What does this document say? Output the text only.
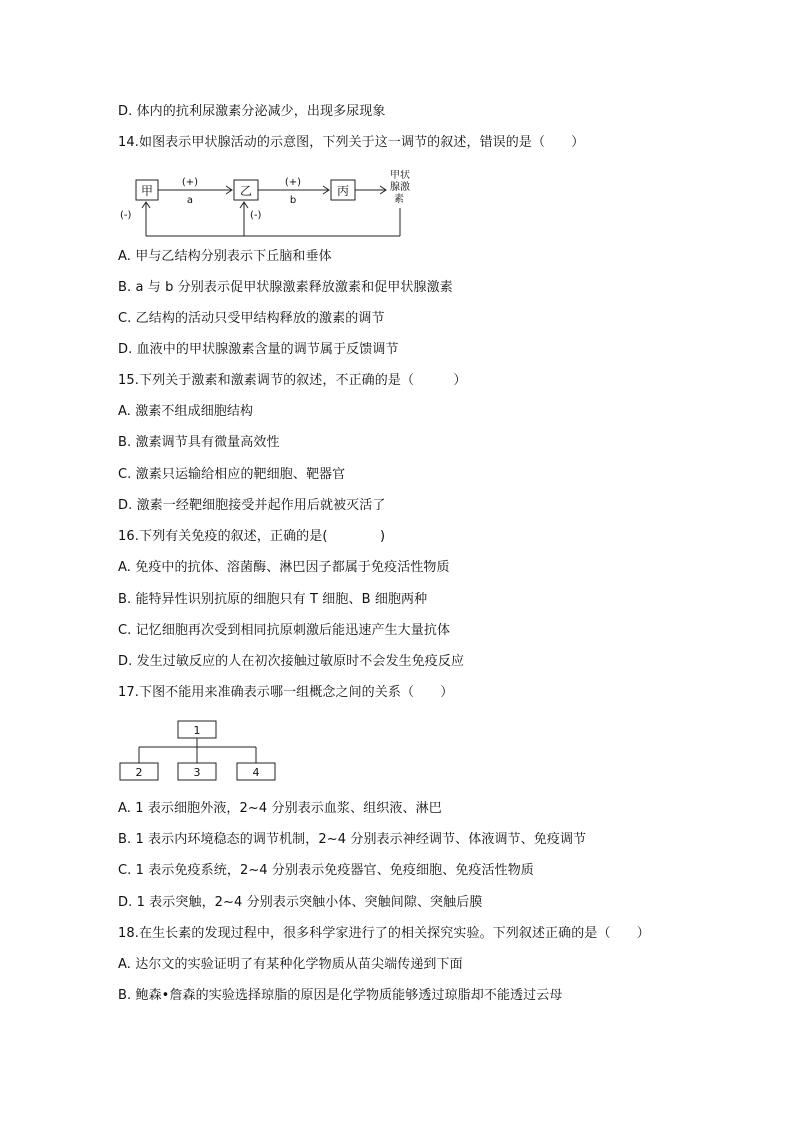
D. 体内的抗利尿激素分泌减少，出现多尿现象
14.如图表示甲状腺活动的示意图，下列关于这一调节的叙述，错误的是（　　）
甲	乙	丙
(+)
a
(+)
b
甲状
腺激
素
(-)	(-)
A. 甲与乙结构分别表示下丘脑和垂体
B. a 与 b 分别表示促甲状腺激素释放激素和促甲状腺激素
C. 乙结构的活动只受甲结构释放的激素的调节
D. 血液中的甲状腺激素含量的调节属于反馈调节
15.下列关于激素和激素调节的叙述，不正确的是（　　　）
A. 激素不组成细胞结构
B. 激素调节具有微量高效性
C. 激素只运输给相应的靶细胞、靶器官
D. 激素一经靶细胞接受并起作用后就被灭活了
16.下列有关免疫的叙述，正确的是(　　　　)
A. 免疫中的抗体、溶菌酶、淋巴因子都属于免疫活性物质
B. 能特异性识别抗原的细胞只有 T 细胞、B 细胞两种
C. 记忆细胞再次受到相同抗原刺激后能迅速产生大量抗体
D. 发生过敏反应的人在初次接触过敏原时不会发生免疫反应
17.下图不能用来准确表示哪一组概念之间的关系（　　）
1
2	3	4
A. 1 表示细胞外液，2~4 分别表示血浆、组织液、淋巴
B. 1 表示内环境稳态的调节机制，2~4 分别表示神经调节、体液调节、免疫调节
C. 1 表示免疫系统，2~4 分别表示免疫器官、免疫细胞、免疫活性物质
D. 1 表示突触，2~4 分别表示突触小体、突触间隙、突触后膜
18.在生长素的发现过程中，很多科学家进行了的相关探究实验。下列叙述正确的是（　　）
A. 达尔文的实验证明了有某种化学物质从苗尖端传递到下面
B. 鲍森•詹森的实验选择琼脂的原因是化学物质能够透过琼脂却不能透过云母
